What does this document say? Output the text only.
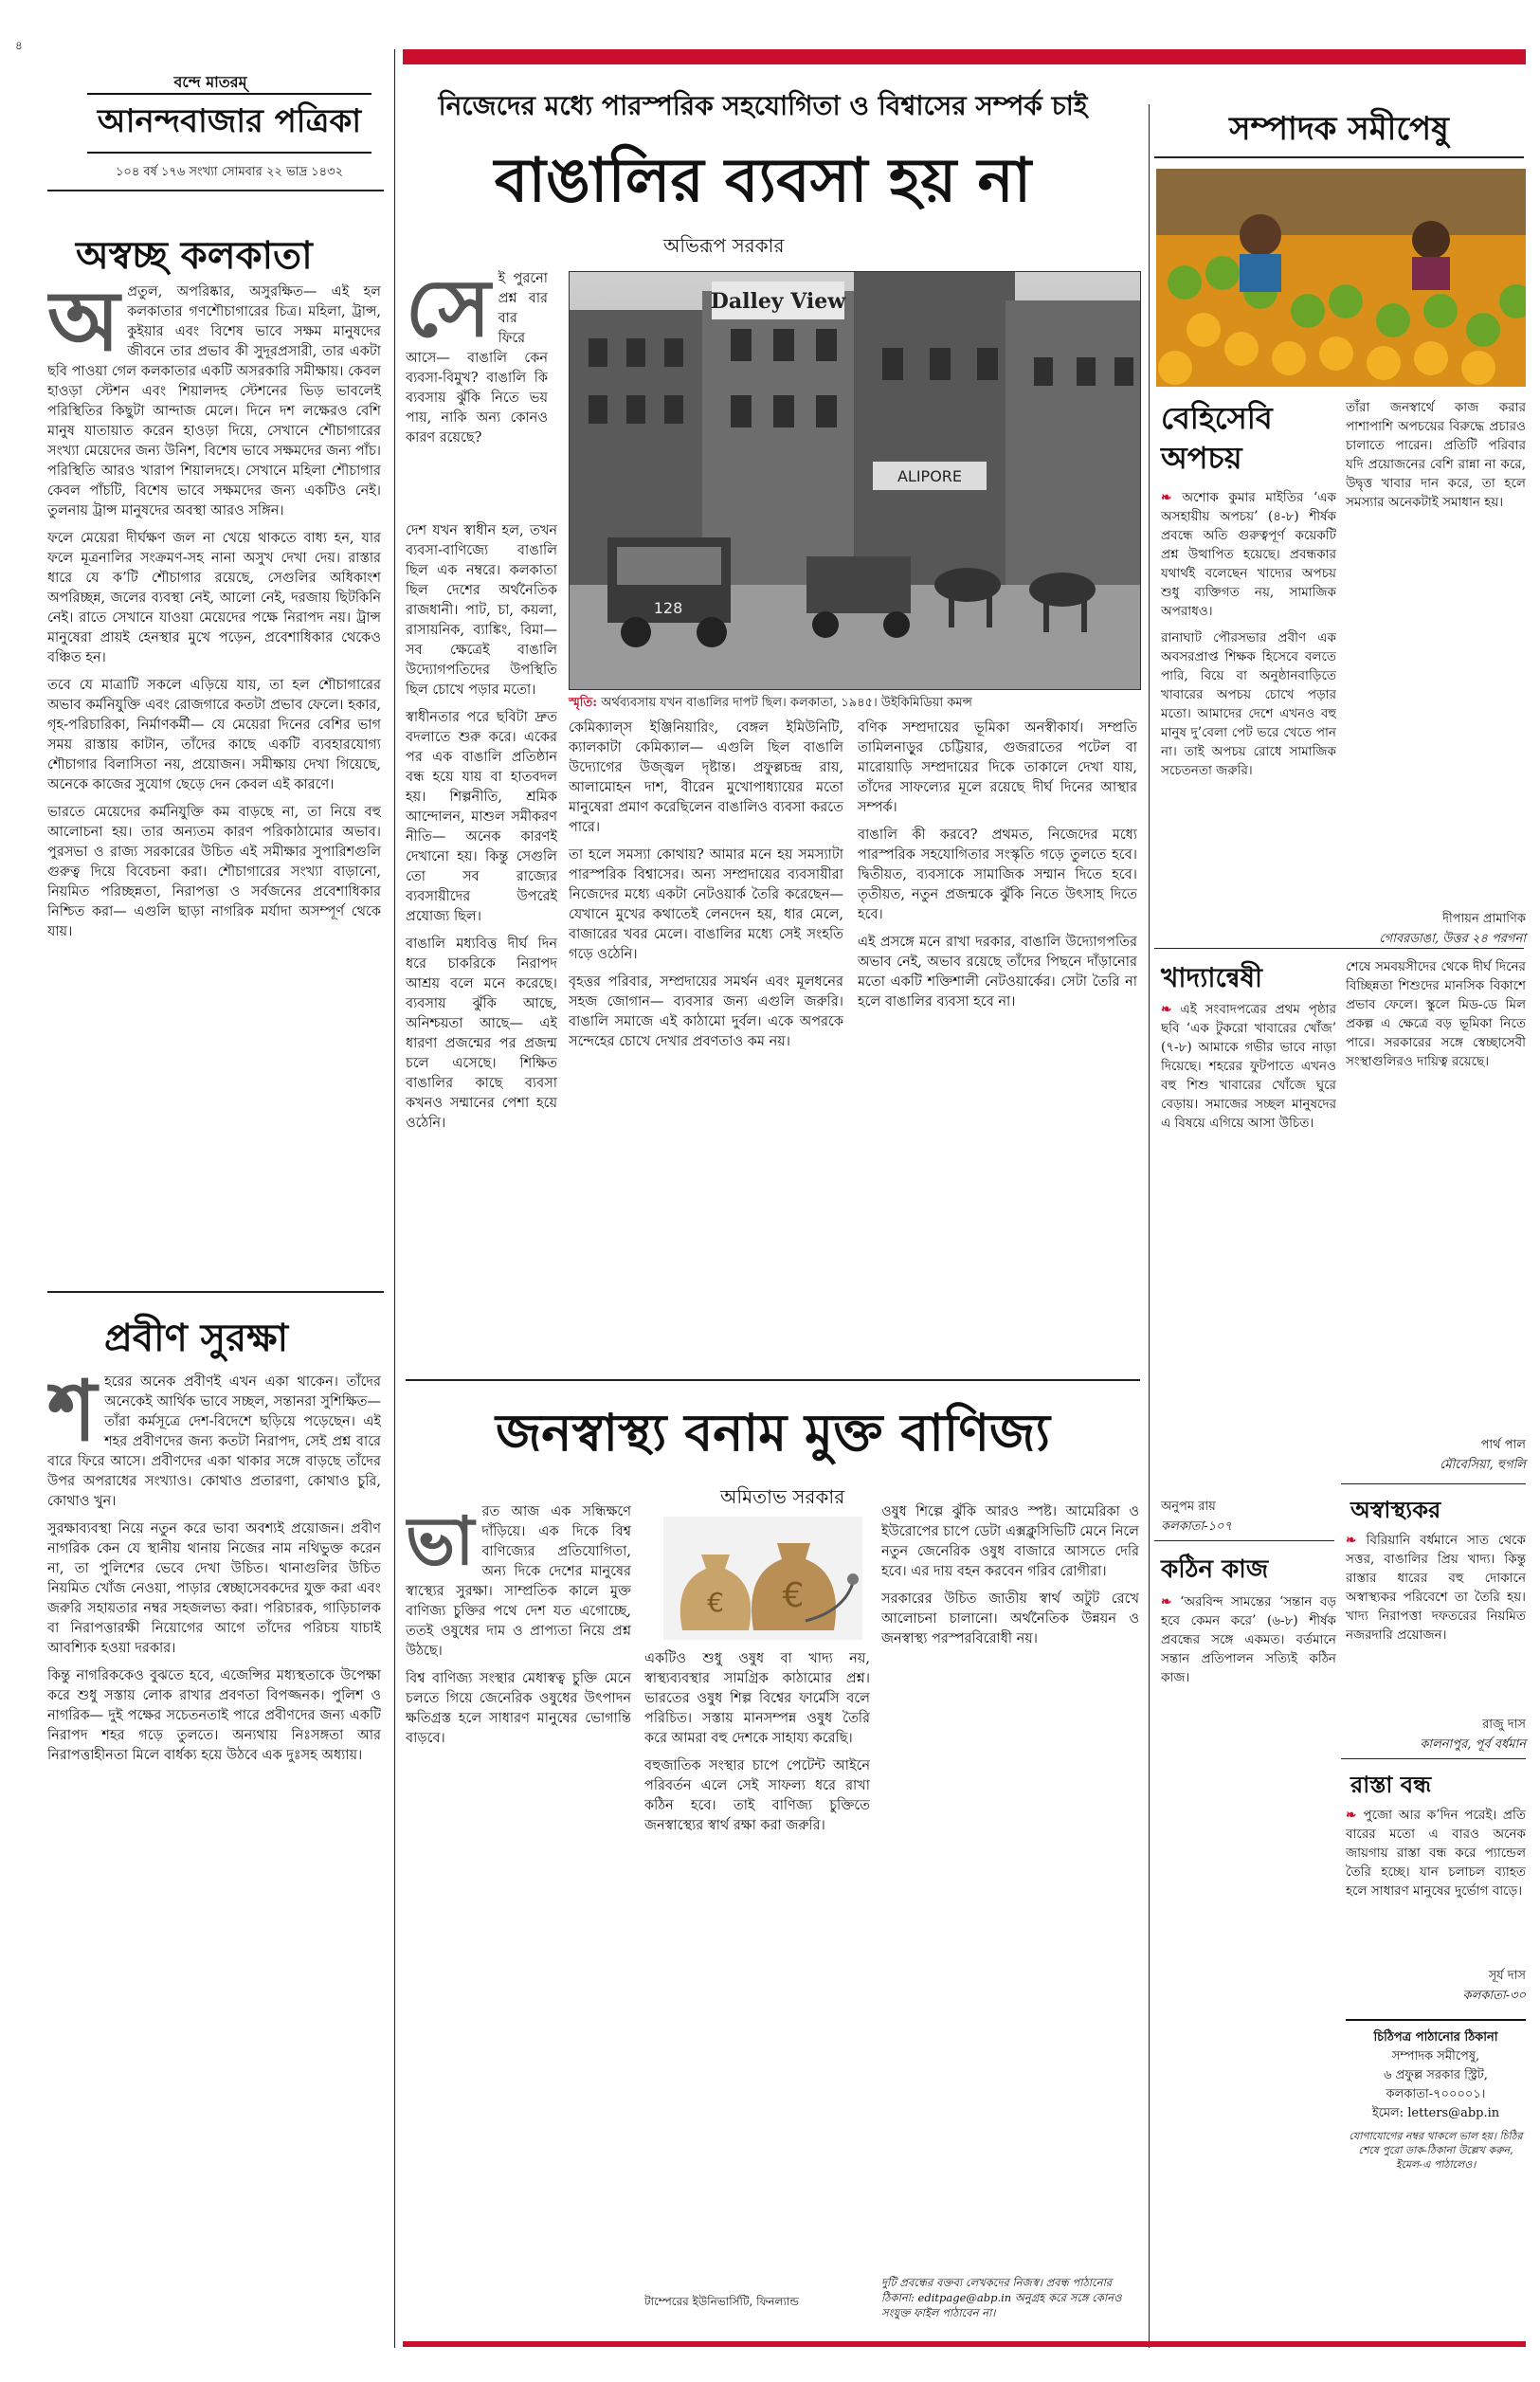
৪
বন্দে মাতরম্‌
আনন্দবাজার পত্রিকা
১০৪ বর্ষ ১৭৬ সংখ্যা সোমবার ২২ ভাদ্র ১৪৩২
অস্বচ্ছ কলকাতা
অ প্রতুল, অপরিষ্কার, অসুরক্ষিত— এই হল কলকাতার গণশৌচাগারের চিত্র। মহিলা, ট্রান্স, কুইয়ার এবং বিশেষ ভাবে সক্ষম মানুষদের জীবনে তার প্রভাব কী সুদূরপ্রসারী, তার একটা ছবি পাওয়া গেল কলকাতার একটি অসরকারি সমীক্ষায়। কেবল হাওড়া স্টেশন এবং শিয়ালদহ স্টেশনের ভিড় ভাবলেই পরিস্থিতির কিছুটা আন্দাজ মেলে। দিনে দশ লক্ষেরও বেশি মানুষ যাতায়াত করেন হাওড়া দিয়ে, সেখানে শৌচাগারের সংখ্যা মেয়েদের জন্য উনিশ, বিশেষ ভাবে সক্ষমদের জন্য পাঁচ। পরিস্থিতি আরও খারাপ শিয়ালদহে। সেখানে মহিলা শৌচাগার কেবল পাঁচটি, বিশেষ ভাবে সক্ষমদের জন্য একটিও নেই। তুলনায় ট্রান্স মানুষদের অবস্থা আরও সঙ্গিন।

ফলে মেয়েরা দীর্ঘক্ষণ জল না খেয়ে থাকতে বাধ্য হন, যার ফলে মূত্রনালির সংক্রমণ-সহ নানা অসুখ দেখা দেয়। রাস্তার ধারে যে ক’টি শৌচাগার রয়েছে, সেগুলির অধিকাংশ অপরিচ্ছন্ন, জলের ব্যবস্থা নেই, আলো নেই, দরজায় ছিটকিনি নেই। রাতে সেখানে যাওয়া মেয়েদের পক্ষে নিরাপদ নয়। ট্রান্স মানুষেরা প্রায়ই হেনস্থার মুখে পড়েন, প্রবেশাধিকার থেকেও বঞ্চিত হন।

তবে যে মাত্রাটি সকলে এড়িয়ে যায়, তা হল শৌচাগারের অভাব কর্মনিযুক্তি এবং রোজগারে কতটা প্রভাব ফেলে। হকার, গৃহ-পরিচারিকা, নির্মাণকর্মী— যে মেয়েরা দিনের বেশির ভাগ সময় রাস্তায় কাটান, তাঁদের কাছে একটি ব্যবহারযোগ্য শৌচাগার বিলাসিতা নয়, প্রয়োজন। সমীক্ষায় দেখা গিয়েছে, অনেকে কাজের সুযোগ ছেড়ে দেন কেবল এই কারণে।

ভারতে মেয়েদের কর্মনিযুক্তি কম বাড়ছে না, তা নিয়ে বহু আলোচনা হয়। তার অন্যতম কারণ পরিকাঠামোর অভাব। পুরসভা ও রাজ্য সরকারের উচিত এই সমীক্ষার সুপারিশগুলি গুরুত্ব দিয়ে বিবেচনা করা। শৌচাগারের সংখ্যা বাড়ানো, নিয়মিত পরিচ্ছন্নতা, নিরাপত্তা ও সর্বজনের প্রবেশাধিকার নিশ্চিত করা— এগুলি ছাড়া নাগরিক মর্যাদা অসম্পূর্ণ থেকে যায়।

প্রবীণ সুরক্ষা
শ হরের অনেক প্রবীণই এখন একা থাকেন। তাঁদের অনেকেই আর্থিক ভাবে সচ্ছল, সন্তানরা সুশিক্ষিত— তাঁরা কর্মসূত্রে দেশ-বিদেশে ছড়িয়ে পড়েছেন। এই শহর প্রবীণদের জন্য কতটা নিরাপদ, সেই প্রশ্ন বারে বারে ফিরে আসে। প্রবীণদের একা থাকার সঙ্গে বাড়ছে তাঁদের উপর অপরাধের সংখ্যাও। কোথাও প্রতারণা, কোথাও চুরি, কোথাও খুন।

সুরক্ষাব্যবস্থা নিয়ে নতুন করে ভাবা অবশ্যই প্রয়োজন। প্রবীণ নাগরিক কেন যে স্থানীয় থানায় নিজের নাম নথিভুক্ত করেন না, তা পুলিশের ভেবে দেখা উচিত। থানাগুলির উচিত নিয়মিত খোঁজ নেওয়া, পাড়ার স্বেচ্ছাসেবকদের যুক্ত করা এবং জরুরি সহায়তার নম্বর সহজলভ্য করা। পরিচারক, গাড়িচালক বা নিরাপত্তারক্ষী নিয়োগের আগে তাঁদের পরিচয় যাচাই আবশ্যিক হওয়া দরকার।

কিন্তু নাগরিককেও বুঝতে হবে, এজেন্সির মধ্যস্থতাকে উপেক্ষা করে শুধু সস্তায় লোক রাখার প্রবণতা বিপজ্জনক। পুলিশ ও নাগরিক— দুই পক্ষের সচেতনতাই পারে প্রবীণদের জন্য একটি নিরাপদ শহর গড়ে তুলতে। অন্যথায় নিঃসঙ্গতা আর নিরাপত্তাহীনতা মিলে বার্ধক্য হয়ে উঠবে এক দুঃসহ অধ্যায়।

নিজেদের মধ্যে পারস্পরিক সহযোগিতা ও বিশ্বাসের সম্পর্ক চাই
বাঙালির ব্যবসা হয় না
অভিরূপ সরকার
সে ই পুরনো প্রশ্ন বার বার ফিরে আসে— বাঙালি কেন ব্যবসা-বিমুখ? বাঙালি কি ব্যবসায় ঝুঁকি নিতে ভয় পায়, নাকি অন্য কোনও কারণ রয়েছে?

Dalley View
ALIPORE
128
স্মৃতি: অর্থব্যবসায় যখন বাঙালির দাপট ছিল। কলকাতা, ১৯৪৫। উইকিমিডিয়া কমন্স

দেশ যখন স্বাধীন হল, তখন ব্যবসা-বাণিজ্যে বাঙালি ছিল এক নম্বরে। কলকাতা ছিল দেশের অর্থনৈতিক রাজধানী। পাট, চা, কয়লা, রাসায়নিক, ব্যাঙ্কিং, বিমা— সব ক্ষেত্রেই বাঙালি উদ্যোগপতিদের উপস্থিতি ছিল চোখে পড়ার মতো।

স্বাধীনতার পরে ছবিটা দ্রুত বদলাতে শুরু করে। একের পর এক বাঙালি প্রতিষ্ঠান বন্ধ হয়ে যায় বা হাতবদল হয়। শিল্পনীতি, শ্রমিক আন্দোলন, মাশুল সমীকরণ নীতি— অনেক কারণই দেখানো হয়। কিন্তু সেগুলি তো সব রাজ্যের ব্যবসায়ীদের উপরেই প্রযোজ্য ছিল।

বাঙালি মধ্যবিত্ত দীর্ঘ দিন ধরে চাকরিকে নিরাপদ আশ্রয় বলে মনে করেছে। ব্যবসায় ঝুঁকি আছে, অনিশ্চয়তা আছে— এই ধারণা প্রজন্মের পর প্রজন্ম চলে এসেছে। শিক্ষিত বাঙালির কাছে ব্যবসা কখনও সম্মানের পেশা হয়ে ওঠেনি।

কেমিক্যাল্‌স ইঞ্জিনিয়ারিং, বেঙ্গল ইমিউনিটি, ক্যালকাটা কেমিক্যাল— এগুলি ছিল বাঙালি উদ্যোগের উজ্জ্বল দৃষ্টান্ত। প্রফুল্লচন্দ্র রায়, আলামোহন দাশ, বীরেন মুখোপাধ্যায়ের মতো মানুষেরা প্রমাণ করেছিলেন বাঙালিও ব্যবসা করতে পারে।

তা হলে সমস্যা কোথায়? আমার মনে হয় সমস্যাটা পারস্পরিক বিশ্বাসের। অন্য সম্প্রদায়ের ব্যবসায়ীরা নিজেদের মধ্যে একটা নেটওয়ার্ক তৈরি করেছেন— যেখানে মুখের কথাতেই লেনদেন হয়, ধার মেলে, বাজারের খবর মেলে। বাঙালির মধ্যে সেই সংহতি গড়ে ওঠেনি।

বৃহত্তর পরিবার, সম্প্রদায়ের সমর্থন এবং মূলধনের সহজ জোগান— ব্যবসার জন্য এগুলি জরুরি। বাঙালি সমাজে এই কাঠামো দুর্বল। একে অপরকে সন্দেহের চোখে দেখার প্রবণতাও কম নয়।

বণিক সম্প্রদায়ের ভূমিকা অনস্বীকার্য। সম্প্রতি তামিলনাড়ুর চেট্টিয়ার, গুজরাতের পটেল বা মারোয়াড়ি সম্প্রদায়ের দিকে তাকালে দেখা যায়, তাঁদের সাফল্যের মূলে রয়েছে দীর্ঘ দিনের আস্থার সম্পর্ক।

বাঙালি কী করবে? প্রথমত, নিজেদের মধ্যে পারস্পরিক সহযোগিতার সংস্কৃতি গড়ে তুলতে হবে। দ্বিতীয়ত, ব্যবসাকে সামাজিক সম্মান দিতে হবে। তৃতীয়ত, নতুন প্রজন্মকে ঝুঁকি নিতে উৎসাহ দিতে হবে।

এই প্রসঙ্গে মনে রাখা দরকার, বাঙালি উদ্যোগপতির অভাব নেই, অভাব রয়েছে তাঁদের পিছনে দাঁড়ানোর মতো একটি শক্তিশালী নেটওয়ার্কের। সেটা তৈরি না হলে বাঙালির ব্যবসা হবে না।

জনস্বাস্থ্য বনাম মুক্ত বাণিজ্য
অমিতাভ সরকার
ভা রত আজ এক সন্ধিক্ষণে দাঁড়িয়ে। এক দিকে বিশ্ব বাণিজ্যের প্রতিযোগিতা, অন্য দিকে দেশের মানুষের স্বাস্থ্যের সুরক্ষা। সাম্প্রতিক কালে মুক্ত বাণিজ্য চুক্তির পথে দেশ যত এগোচ্ছে, ততই ওষুধের দাম ও প্রাপ্যতা নিয়ে প্রশ্ন উঠছে।

বিশ্ব বাণিজ্য সংস্থার মেধাস্বত্ব চুক্তি মেনে চলতে গিয়ে জেনেরিক ওষুধের উৎপাদন ক্ষতিগ্রস্ত হলে সাধারণ মানুষের ভোগান্তি বাড়বে।

€ €

একটিও শুধু ওষুধ বা খাদ্য নয়, স্বাস্থ্যব্যবস্থার সামগ্রিক কাঠামোর প্রশ্ন। ভারতের ওষুধ শিল্প বিশ্বের ফার্মেসি বলে পরিচিত। সস্তায় মানসম্পন্ন ওষুধ তৈরি করে আমরা বহু দেশকে সাহায্য করেছি।

বহুজাতিক সংস্থার চাপে পেটেন্ট আইনে পরিবর্তন এলে সেই সাফল্য ধরে রাখা কঠিন হবে। তাই বাণিজ্য চুক্তিতে জনস্বাস্থ্যের স্বার্থ রক্ষা করা জরুরি।

ওষুধ শিল্পে ঝুঁকি আরও স্পষ্ট। আমেরিকা ও ইউরোপের চাপে ডেটা এক্সক্লুসিভিটি মেনে নিলে নতুন জেনেরিক ওষুধ বাজারে আসতে দেরি হবে। এর দায় বহন করবেন গরিব রোগীরা।

সরকারের উচিত জাতীয় স্বার্থ অটুট রেখে আলোচনা চালানো। অর্থনৈতিক উন্নয়ন ও জনস্বাস্থ্য পরস্পরবিরোধী নয়।

টাম্পেরের ইউনিভার্সিটি, ফিনল্যান্ড
দুটি প্রবন্ধের বক্তব্য লেখকদের নিজস্ব। প্রবন্ধ পাঠানোর ঠিকানা: editpage@abp.in অনুগ্রহ করে সঙ্গে কোনও সংযুক্ত ফাইল পাঠাবেন না।
সম্পাদক সমীপেষু
বেহিসেবি অপচয়

❧ অশোক কুমার মাইতির ‘এক অসহায়ীয় অপচয়’ (৪-৮) শীর্ষক প্রবন্ধে অতি গুরুত্বপূর্ণ কয়েকটি প্রশ্ন উত্থাপিত হয়েছে। প্রবন্ধকার যথার্থই বলেছেন খাদ্যের অপচয় শুধু ব্যক্তিগত নয়, সামাজিক অপরাধও।

রানাঘাট পৌরসভার প্রবীণ এক অবসরপ্রাপ্ত শিক্ষক হিসেবে বলতে পারি, বিয়ে বা অনুষ্ঠানবাড়িতে খাবারের অপচয় চোখে পড়ার মতো। আমাদের দেশে এখনও বহু মানুষ দু’বেলা পেট ভরে খেতে পান না। তাই অপচয় রোধে সামাজিক সচেতনতা জরুরি।

তাঁরা জনস্বার্থে কাজ করার পাশাপাশি অপচয়ের বিরুদ্ধে প্রচারও চালাতে পারেন। প্রতিটি পরিবার যদি প্রয়োজনের বেশি রান্না না করে, উদ্বৃত্ত খাবার দান করে, তা হলে সমস্যার অনেকটাই সমাধান হয়।

দীপায়ন প্রামাণিক
গোবরডাঙা, উত্তর ২৪ পরগনা
খাদ্যান্বেষী

❧ এই সংবাদপত্রের প্রথম পৃষ্ঠার ছবি ‘এক টুকরো খাবারের খোঁজ’ (৭-৮) আমাকে গভীর ভাবে নাড়া দিয়েছে। শহরের ফুটপাতে এখনও বহু শিশু খাবারের খোঁজে ঘুরে বেড়ায়। সমাজের সচ্ছল মানুষদের এ বিষয়ে এগিয়ে আসা উচিত।

অনুপম রায়
কলকাতা-১০৭

শেষে সমবয়সীদের থেকে দীর্ঘ দিনের বিচ্ছিন্নতা শিশুদের মানসিক বিকাশে প্রভাব ফেলে। স্কুলে মিড-ডে মিল প্রকল্প এ ক্ষেত্রে বড় ভূমিকা নিতে পারে। সরকারের সঙ্গে স্বেচ্ছাসেবী সংস্থাগুলিরও দায়িত্ব রয়েছে।

পার্থ পাল
মৌবেসিয়া, হুগলি
অস্বাস্থ্যকর

❧ বিরিয়ানি বর্ধমানে সাত থেকে সত্তর, বাঙালির প্রিয় খাদ্য। কিন্তু রাস্তার ধারের বহু দোকানে অস্বাস্থ্যকর পরিবেশে তা তৈরি হয়। খাদ্য নিরাপত্তা দফতরের নিয়মিত নজরদারি প্রয়োজন।

রাজু দাস
কালনাপুর, পূর্ব বর্ধমান
কঠিন কাজ

❧ ‘অরবিন্দ সামন্তের ‘সন্তান বড় হবে কেমন করে’ (৬-৮) শীর্ষক প্রবন্ধের সঙ্গে একমত। বর্তমানে সন্তান প্রতিপালন সত্যিই কঠিন কাজ।

রাস্তা বন্ধ

❧ পুজো আর ক’দিন পরেই। প্রতি বারের মতো এ বারও অনেক জায়গায় রাস্তা বন্ধ করে প্যান্ডেল তৈরি হচ্ছে। যান চলাচল ব্যাহত হলে সাধারণ মানুষের দুর্ভোগ বাড়ে।

সূর্য দাস
কলকাতা-৩০
চিঠিপত্র পাঠানোর ঠিকানা
সম্পাদক সমীপেষু,
৬ প্রফুল্ল সরকার স্ট্রিট,
কলকাতা-৭০০০০১।
ইমেল: letters@abp.in
যোগাযোগের নম্বর থাকলে ভাল হয়। চিঠির শেষে পুরো ডাক-ঠিকানা উল্লেখ করুন, ইমেল-এ পাঠালেও।
